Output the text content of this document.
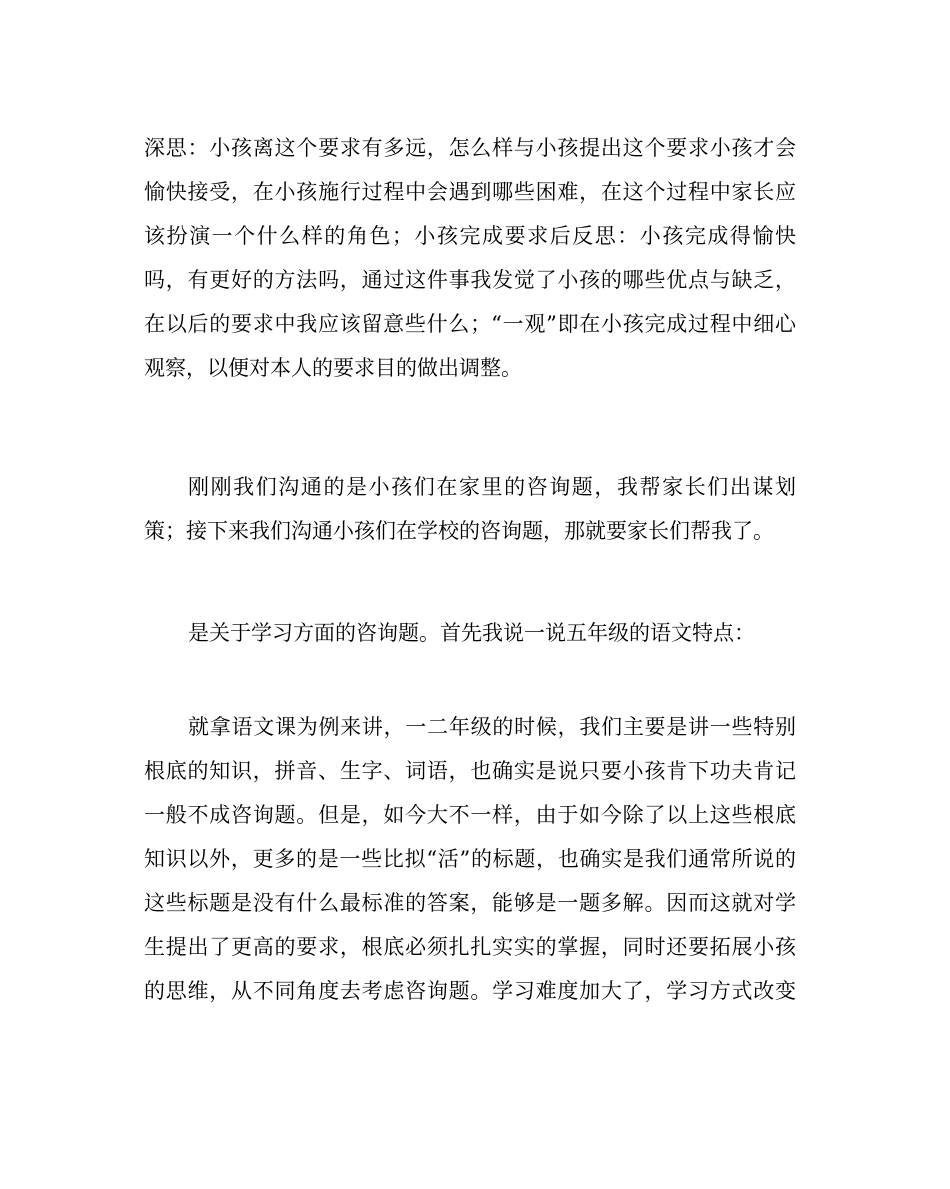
深思：小孩离这个要求有多远，怎么样与小孩提出这个要求小孩才会
愉快接受，在小孩施行过程中会遇到哪些困难，在这个过程中家长应
该扮演一个什么样的角色；小孩完成要求后反思：小孩完成得愉快
吗，有更好的方法吗，通过这件事我发觉了小孩的哪些优点与缺乏，
在以后的要求中我应该留意些什么；“一观”即在小孩完成过程中细心
观察，以便对本人的要求目的做出调整。
刚刚我们沟通的是小孩们在家里的咨询题，我帮家长们出谋划
策；接下来我们沟通小孩们在学校的咨询题，那就要家长们帮我了。
是关于学习方面的咨询题。首先我说一说五年级的语文特点：
就拿语文课为例来讲，一二年级的时候，我们主要是讲一些特别
根底的知识，拼音、生字、词语，也确实是说只要小孩肯下功夫肯记
一般不成咨询题。但是，如今大不一样，由于如今除了以上这些根底
知识以外，更多的是一些比拟“活”的标题，也确实是我们通常所说的
这些标题是没有什么最标准的答案，能够是一题多解。因而这就对学
生提出了更高的要求，根底必须扎扎实实的掌握，同时还要拓展小孩
的思维，从不同角度去考虑咨询题。学习难度加大了，学习方式改变
